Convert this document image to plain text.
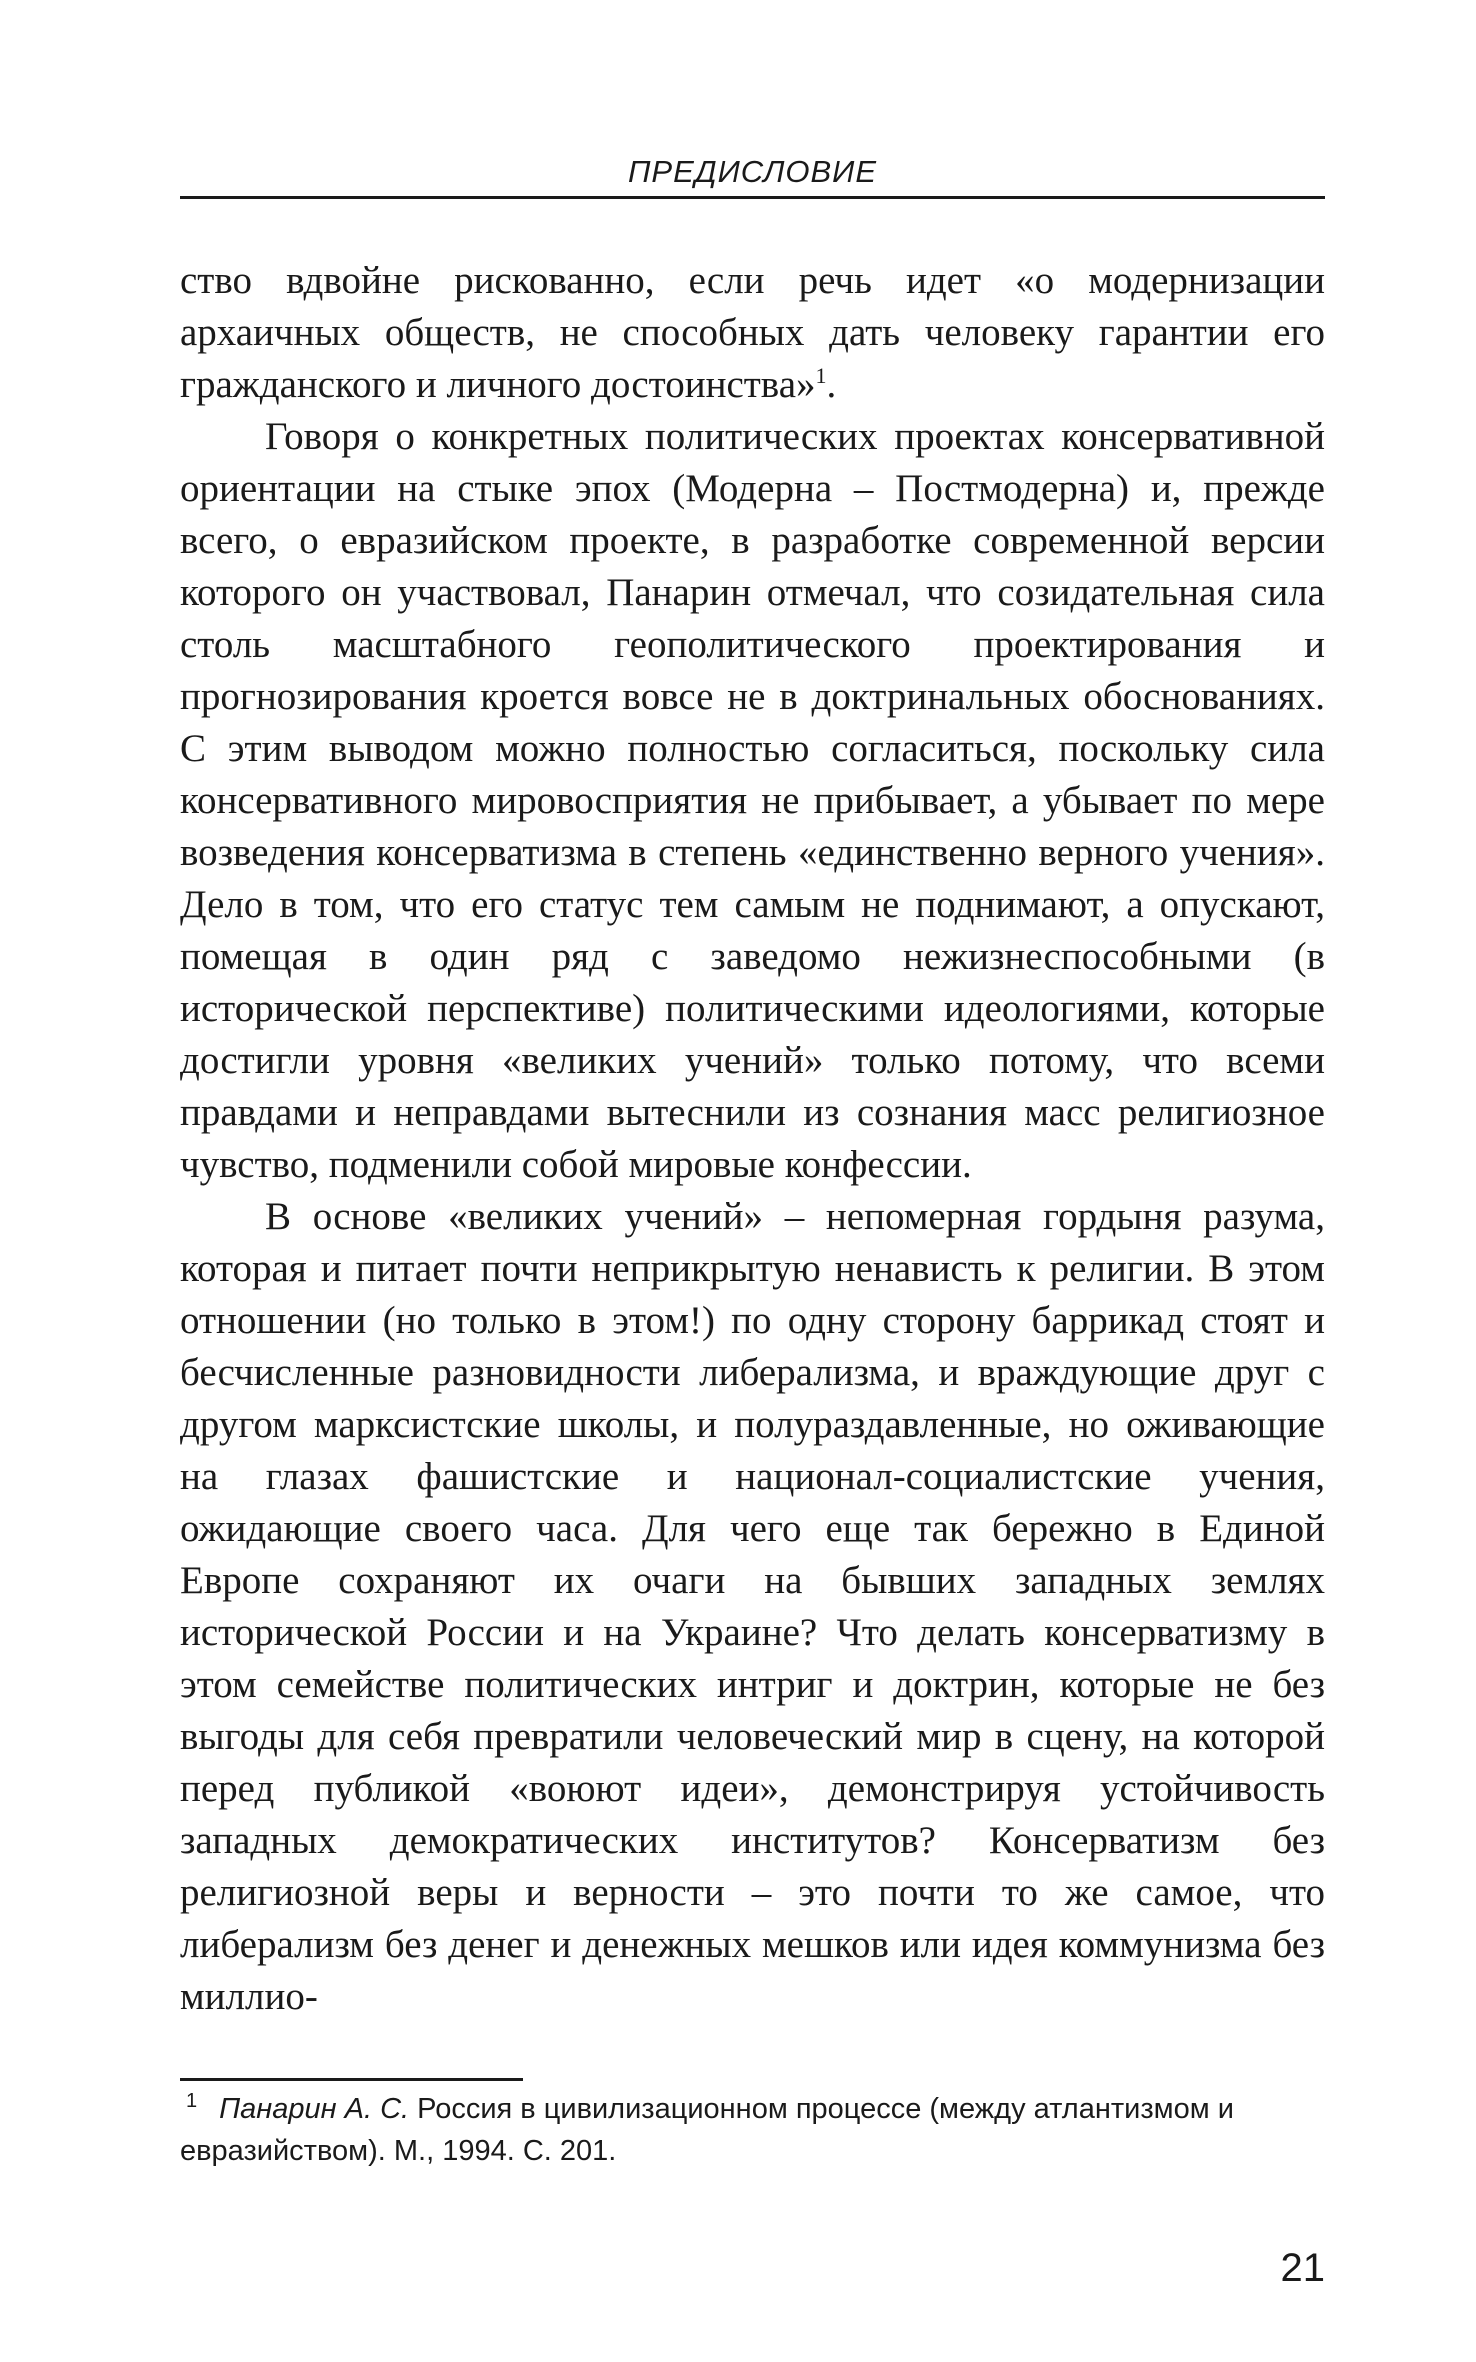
ПРЕДИСЛОВИЕ

ство вдвойне рискованно, если речь идет «о модернизации архаичных обществ, не способных дать человеку гарантии его гражданского и личного достоинства»$^1$.

Говоря о конкретных политических проектах консервативной ориентации на стыке эпох (Модерна – Постмодерна) и, прежде всего, о евразийском проекте, в разработке современной версии которого он участвовал, Панарин отмечал, что созидательная сила столь масштабного геополитического проектирования и прогнозирования кроется вовсе не в доктринальных обоснованиях. С этим выводом можно полностью согласиться, поскольку сила консервативного мировосприятия не прибывает, а убывает по мере возведения консерватизма в степень «единственно верного учения». Дело в том, что его статус тем самым не поднимают, а опускают, помещая в один ряд с заведомо нежизнеспособными (в исторической перспективе) политическими идеологиями, которые достигли уровня «великих учений» только потому, что всеми правдами и неправдами вытеснили из сознания масс религиозное чувство, подменили собой мировые конфессии.

В основе «великих учений» – непомерная гордыня разума, которая и питает почти неприкрытую ненависть к религии. В этом отношении (но только в этом!) по одну сторону баррикад стоят и бесчисленные разновидности либерализма, и враждующие друг с другом марксистские школы, и полураздавленные, но оживающие на глазах фашистские и национал-социалистские учения, ожидающие своего часа. Для чего еще так бережно в Единой Европе сохраняют их очаги на бывших западных землях исторической России и на Украине? Что делать консерватизму в этом семействе политических интриг и доктрин, которые не без выгоды для себя превратили человеческий мир в сцену, на которой перед публикой «воюют идеи», демонстрируя устойчивость западных демократических институтов? Консерватизм без религиозной веры и верности – это почти то же самое, что либерализм без денег и денежных мешков или идея коммунизма без миллио-

$^1$ Панарин А. С. Россия в цивилизационном процессе (между атлантизмом и евразийством). М., 1994. С. 201.
21
